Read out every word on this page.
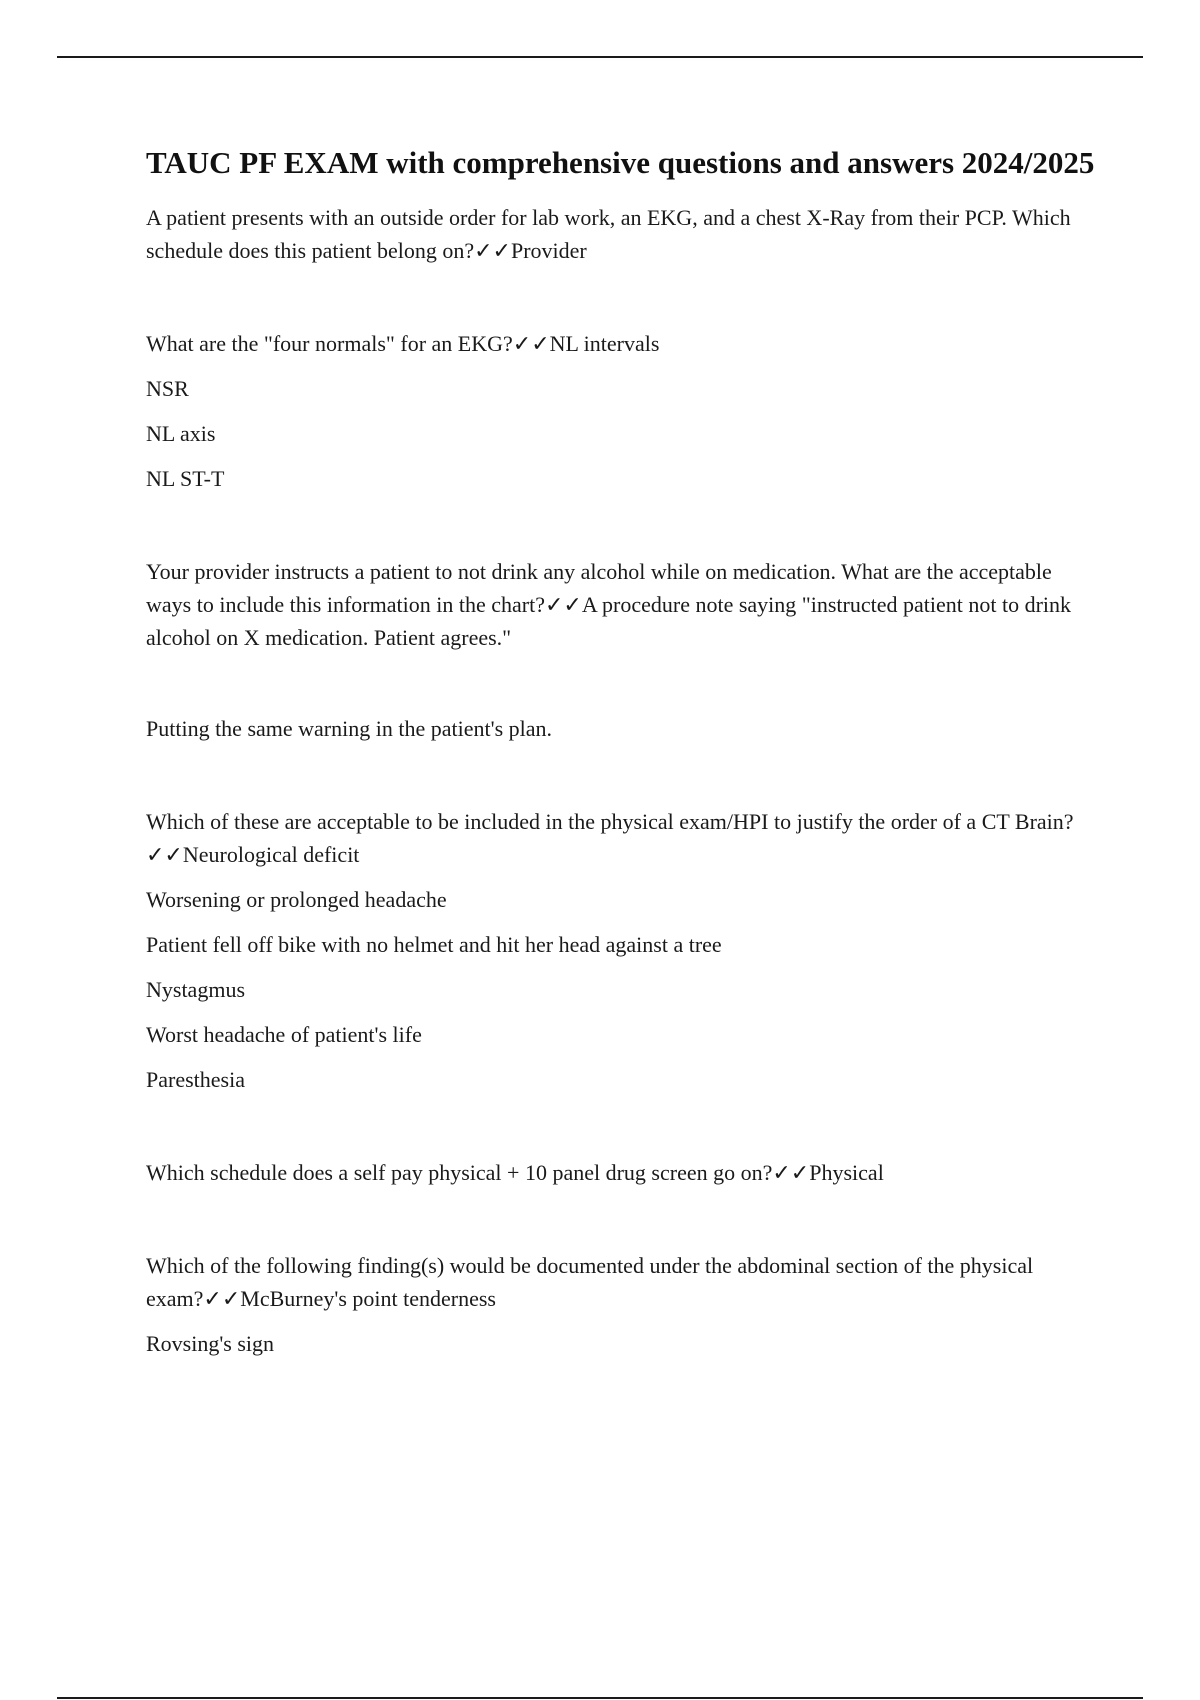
TAUC PF EXAM with comprehensive questions and answers 2024/2025

A patient presents with an outside order for lab work, an EKG, and a chest X-Ray from their PCP. Which schedule does this patient belong on?✓✓Provider

What are the "four normals" for an EKG?✓✓NL intervals

NSR

NL axis

NL ST-T

Your provider instructs a patient to not drink any alcohol while on medication. What are the acceptable ways to include this information in the chart?✓✓A procedure note saying "instructed patient not to drink alcohol on X medication. Patient agrees."

Putting the same warning in the patient's plan.

Which of these are acceptable to be included in the physical exam/HPI to justify the order of a CT Brain?✓✓Neurological deficit

Worsening or prolonged headache

Patient fell off bike with no helmet and hit her head against a tree

Nystagmus

Worst headache of patient's life

Paresthesia

Which schedule does a self pay physical + 10 panel drug screen go on?✓✓Physical

Which of the following finding(s) would be documented under the abdominal section of the physical exam?✓✓McBurney's point tenderness

Rovsing's sign
